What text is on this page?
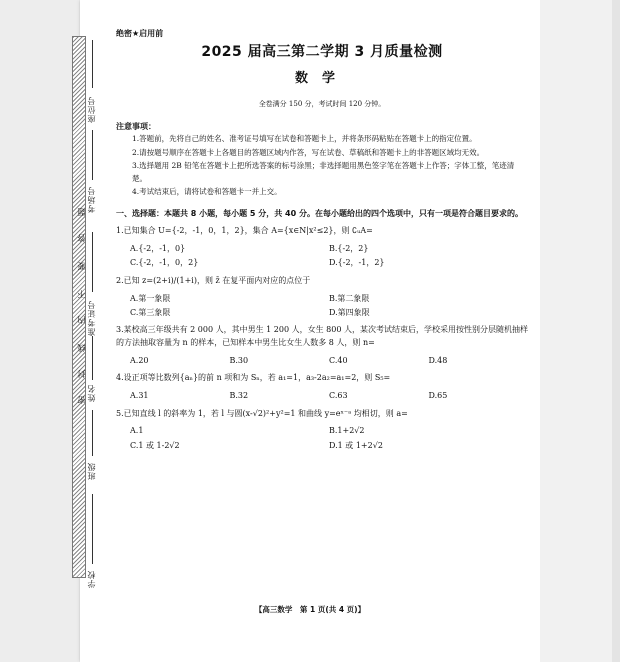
座位号
考场号
准考证号
姓名
班级
学校
题
答
要
不
内
线
封
密
绝密★启用前
2025 届高三第二学期 3 月质量检测
数学
全卷满分 150 分，考试时间 120 分钟。
注意事项：
1.答题前，先将自己的姓名、准考证号填写在试卷和答题卡上，并将条形码粘贴在答题卡上的指定位置。
2.请按题号顺序在答题卡上各题目的答题区域内作答，写在试卷、草稿纸和答题卡上的非答题区域均无效。
3.选择题用 2B 铅笔在答题卡上把所选答案的标号涂黑；非选择题用黑色签字笔在答题卡上作答；字体工整，笔迹清楚。
4.考试结束后，请将试卷和答题卡一并上交。
一、选择题：本题共 8 小题，每小题 5 分，共 40 分。在每小题给出的四个选项中，只有一项是符合题目要求的。
1.已知集合 U={-2，-1，0，1，2}，集合 A={x∈N|x²≤2}，则 ∁ᵤA=
A.{-2，-1，0}	B.{-2，2}
C.{-2，-1，0，2}	D.{-2，-1，2}
2.已知 z=(2+i)/(1+i)，则 z̄ 在复平面内对应的点位于
A.第一象限	B.第二象限
C.第三象限	D.第四象限
3.某校高三年级共有 2 000 人，其中男生 1 200 人，女生 800 人，某次考试结束后，学校采用按性别分层随机抽样的方法抽取容量为 n 的样本，已知样本中男生比女生人数多 8 人，则 n=
A.20	B.30	C.40	D.48
4.设正项等比数列{aₙ}的前 n 项和为 Sₙ，若 a₁=1，a₃-2a₂=a₁=2，则 S₅=
A.31	B.32	C.63	D.65
5.已知直线 l 的斜率为 1，若 l 与圆(x-√2)²+y²=1 和曲线 y=eˣ⁻ᵃ 均相切，则 a=
A.1	B.1+2√2
C.1 或 1-2√2	D.1 或 1+2√2
【高三数学　第 1 页(共 4 页)】
